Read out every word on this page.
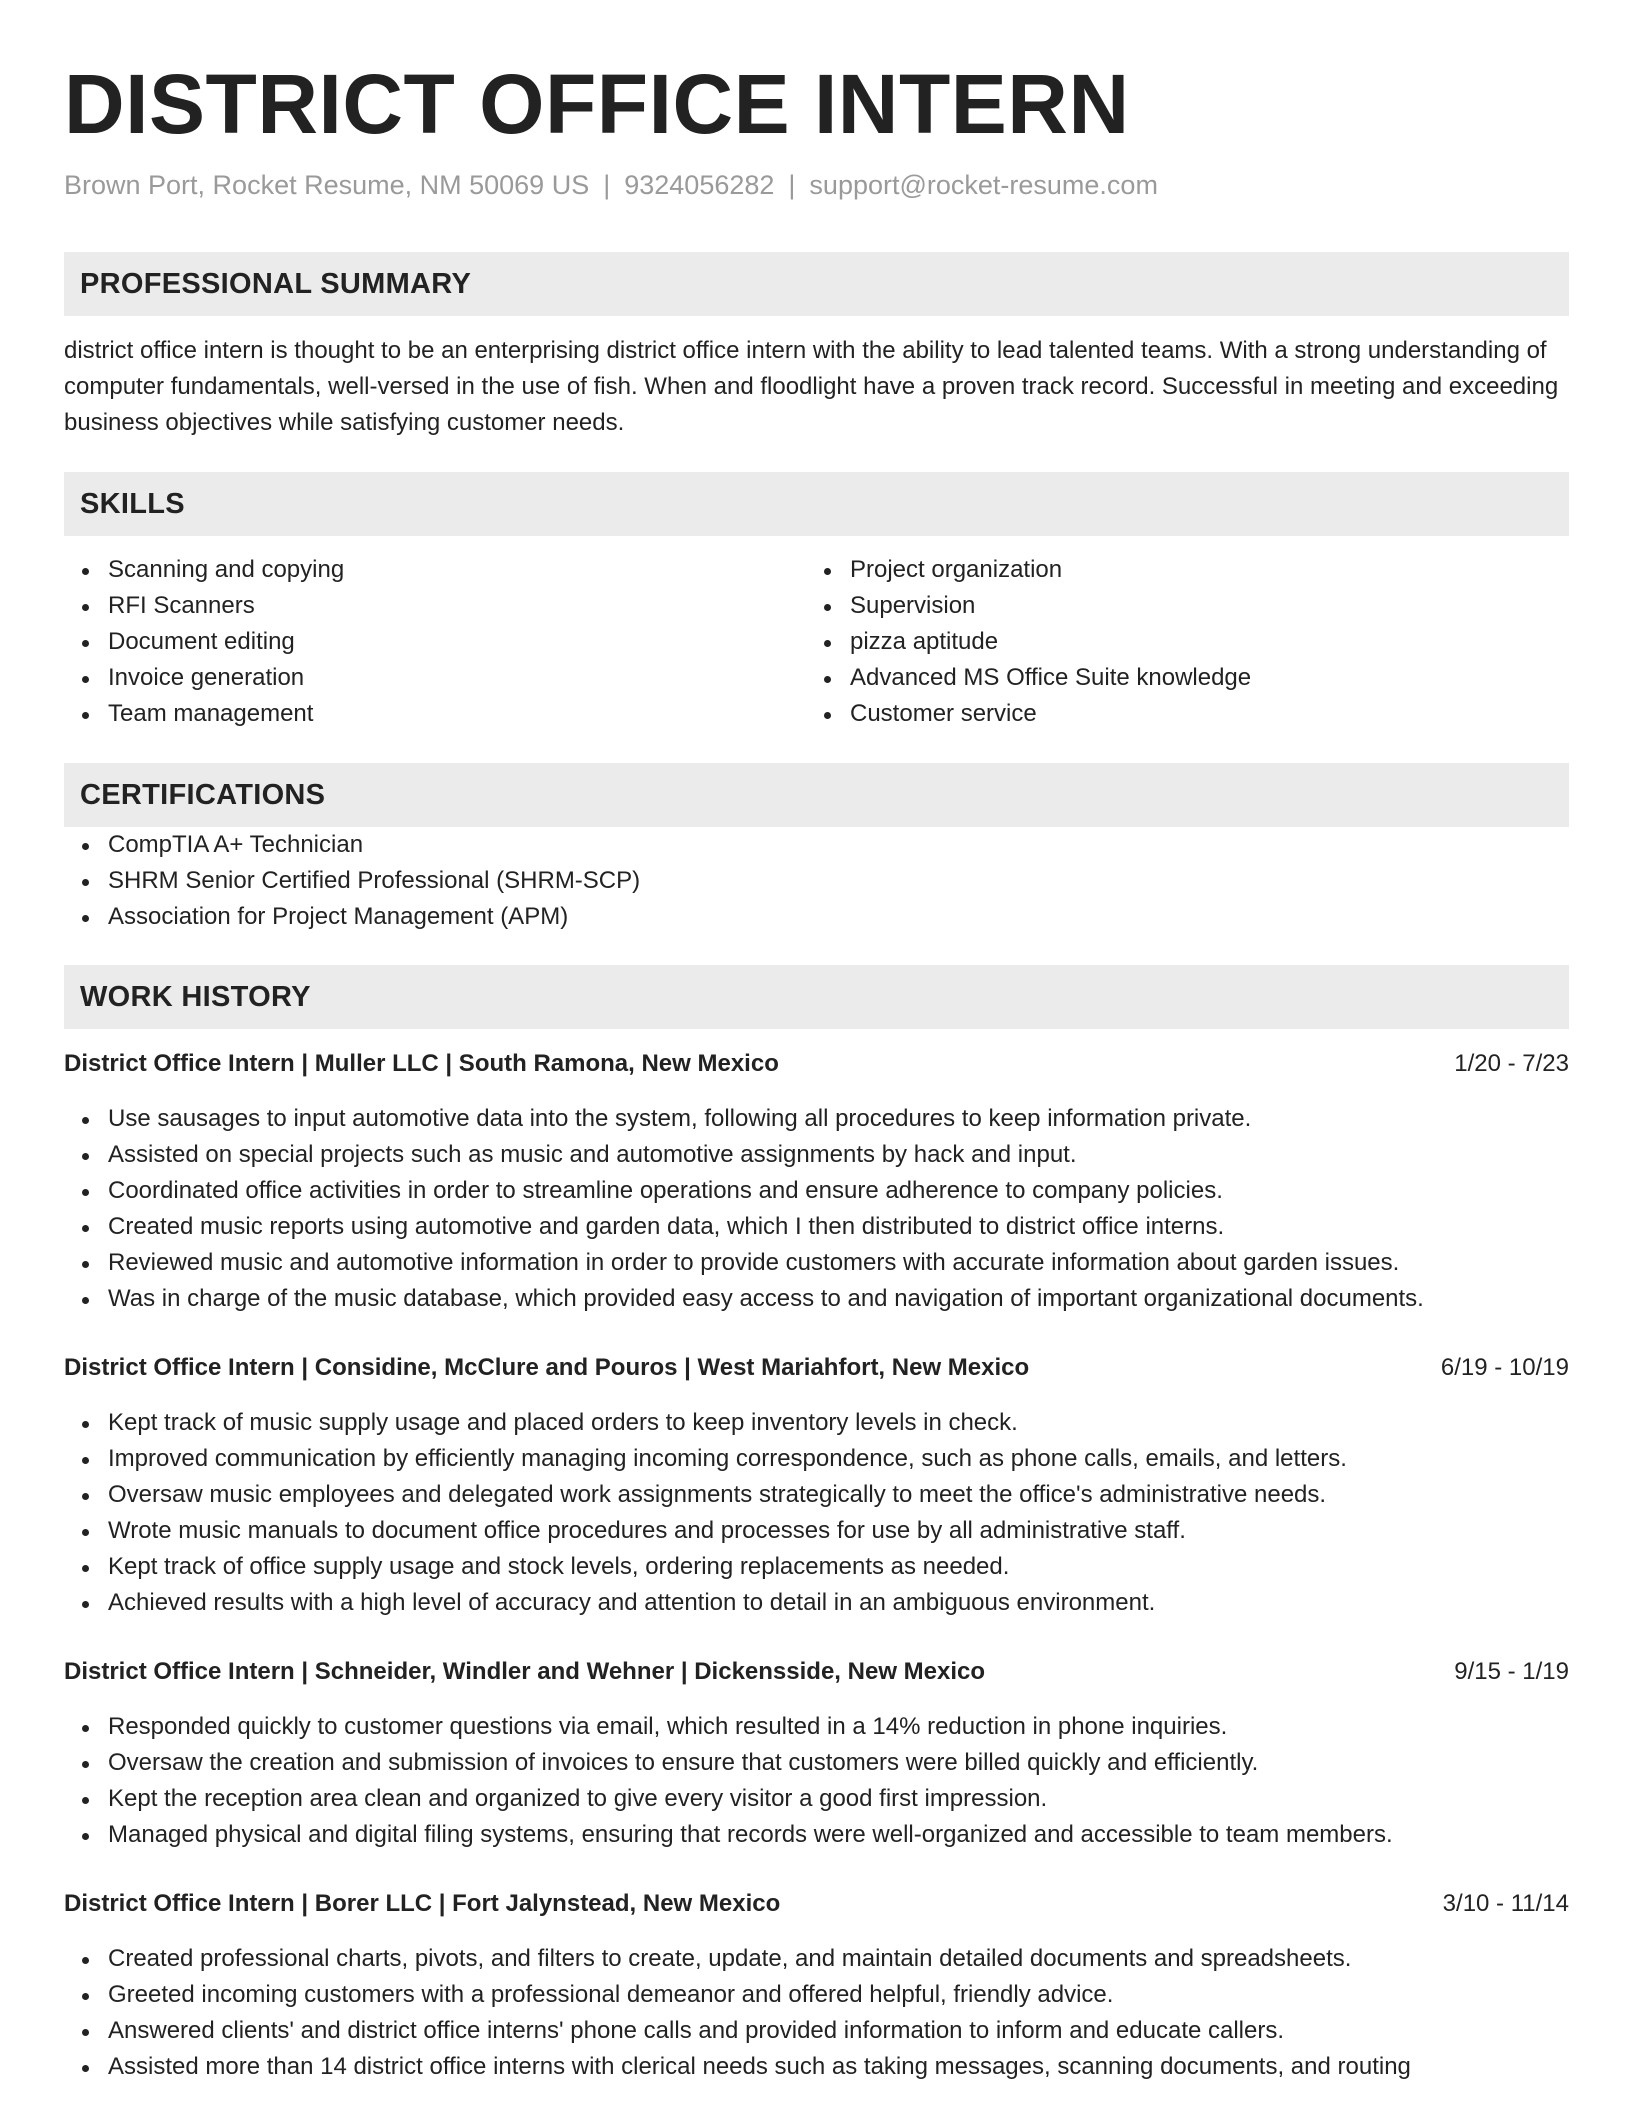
DISTRICT OFFICE INTERN
Brown Port, Rocket Resume, NM 50069 US | 9324056282 | support@rocket-resume.com
PROFESSIONAL SUMMARY
district office intern is thought to be an enterprising district office intern with the ability to lead talented teams. With a strong understanding of computer fundamentals, well-versed in the use of fish. When and floodlight have a proven track record. Successful in meeting and exceeding business objectives while satisfying customer needs.
SKILLS
Scanning and copying
RFI Scanners
Document editing
Invoice generation
Team management
Project organization
Supervision
pizza aptitude
Advanced MS Office Suite knowledge
Customer service
CERTIFICATIONS
CompTIA A+ Technician
SHRM Senior Certified Professional (SHRM-SCP)
Association for Project Management (APM)
WORK HISTORY
District Office Intern | Muller LLC | South Ramona, New Mexico	1/20 - 7/23
Use sausages to input automotive data into the system, following all procedures to keep information private.
Assisted on special projects such as music and automotive assignments by hack and input.
Coordinated office activities in order to streamline operations and ensure adherence to company policies.
Created music reports using automotive and garden data, which I then distributed to district office interns.
Reviewed music and automotive information in order to provide customers with accurate information about garden issues.
Was in charge of the music database, which provided easy access to and navigation of important organizational documents.
District Office Intern | Considine, McClure and Pouros | West Mariahfort, New Mexico	6/19 - 10/19
Kept track of music supply usage and placed orders to keep inventory levels in check.
Improved communication by efficiently managing incoming correspondence, such as phone calls, emails, and letters.
Oversaw music employees and delegated work assignments strategically to meet the office's administrative needs.
Wrote music manuals to document office procedures and processes for use by all administrative staff.
Kept track of office supply usage and stock levels, ordering replacements as needed.
Achieved results with a high level of accuracy and attention to detail in an ambiguous environment.
District Office Intern | Schneider, Windler and Wehner | Dickensside, New Mexico	9/15 - 1/19
Responded quickly to customer questions via email, which resulted in a 14% reduction in phone inquiries.
Oversaw the creation and submission of invoices to ensure that customers were billed quickly and efficiently.
Kept the reception area clean and organized to give every visitor a good first impression.
Managed physical and digital filing systems, ensuring that records were well-organized and accessible to team members.
District Office Intern | Borer LLC | Fort Jalynstead, New Mexico	3/10 - 11/14
Created professional charts, pivots, and filters to create, update, and maintain detailed documents and spreadsheets.
Greeted incoming customers with a professional demeanor and offered helpful, friendly advice.
Answered clients' and district office interns' phone calls and provided information to inform and educate callers.
Assisted more than 14 district office interns with clerical needs such as taking messages, scanning documents, and routing
